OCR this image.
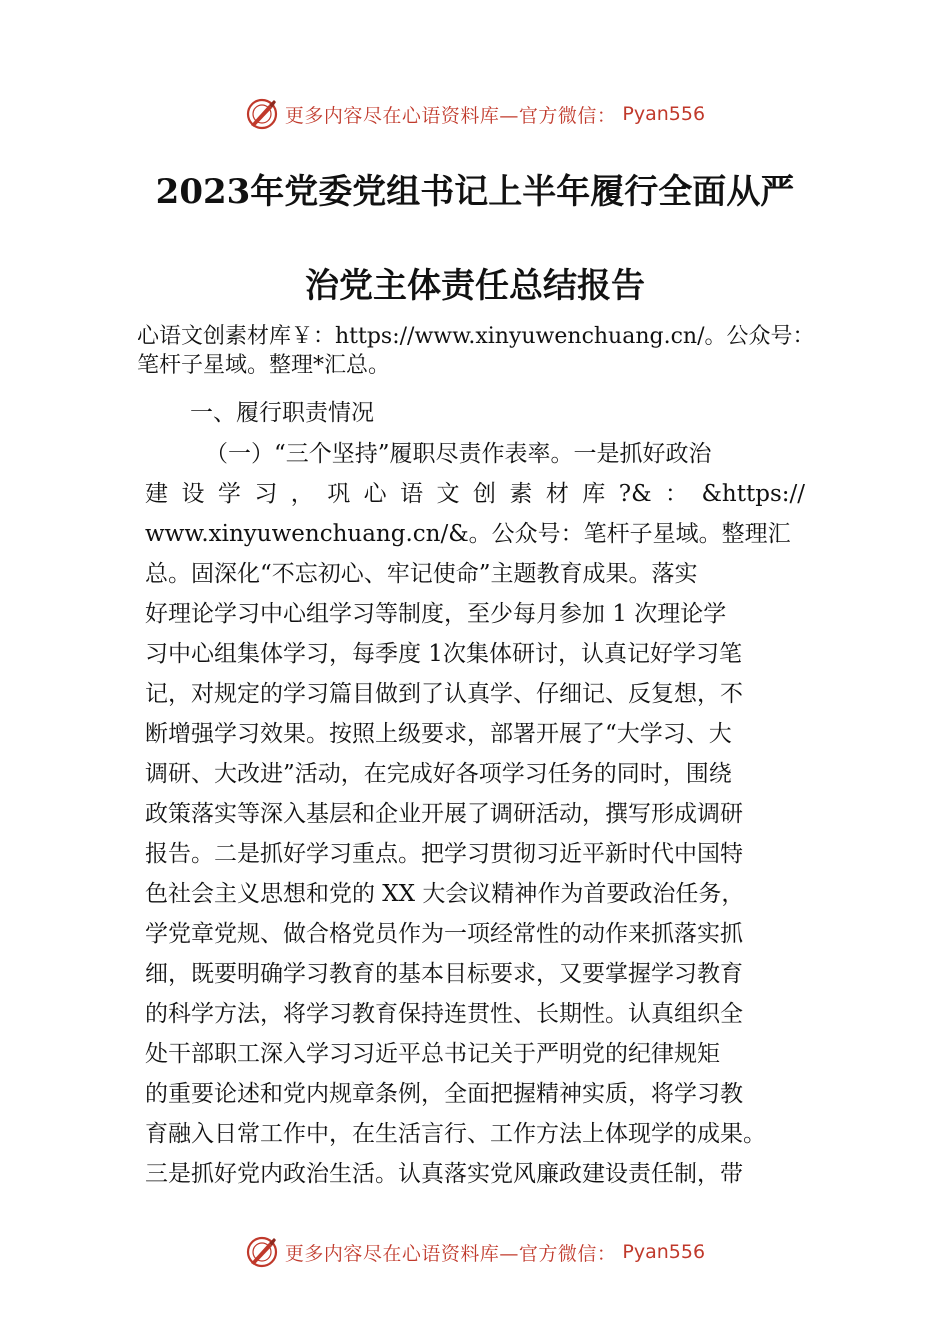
更多内容尽在心语资料库—官方微信： Pyan556
2023年党委党组书记上半年履行全面从严
治党主体责任总结报告
心语文创素材库￥：https://www.xinyuwenchuang.cn/。公众号：笔杆子星域。整理*汇总。
一、履行职责情况
（一）“三个坚持”履职尽责作表率。一是抓好政治
建设学习，巩心语文创素材库?&：&https://
www.xinyuwenchuang.cn/&。公众号：笔杆子星域。整理汇
总。固深化“不忘初心、牢记使命”主题教育成果。落实
好理论学习中心组学习等制度，至少每月参加 1 次理论学
习中心组集体学习，每季度 1次集体研讨，认真记好学习笔
记，对规定的学习篇目做到了认真学、仔细记、反复想，不
断增强学习效果。按照上级要求，部署开展了“大学习、大
调研、大改进”活动，在完成好各项学习任务的同时，围绕
政策落实等深入基层和企业开展了调研活动，撰写形成调研
报告。二是抓好学习重点。把学习贯彻习近平新时代中国特
色社会主义思想和党的 XX 大会议精神作为首要政治任务，
学党章党规、做合格党员作为一项经常性的动作来抓落实抓
细，既要明确学习教育的基本目标要求，又要掌握学习教育
的科学方法，将学习教育保持连贯性、长期性。认真组织全
处干部职工深入学习习近平总书记关于严明党的纪律规矩
的重要论述和党内规章条例，全面把握精神实质，将学习教
育融入日常工作中，在生活言行、工作方法上体现学的成果。
三是抓好党内政治生活。认真落实党风廉政建设责任制，带
更多内容尽在心语资料库—官方微信： Pyan556
